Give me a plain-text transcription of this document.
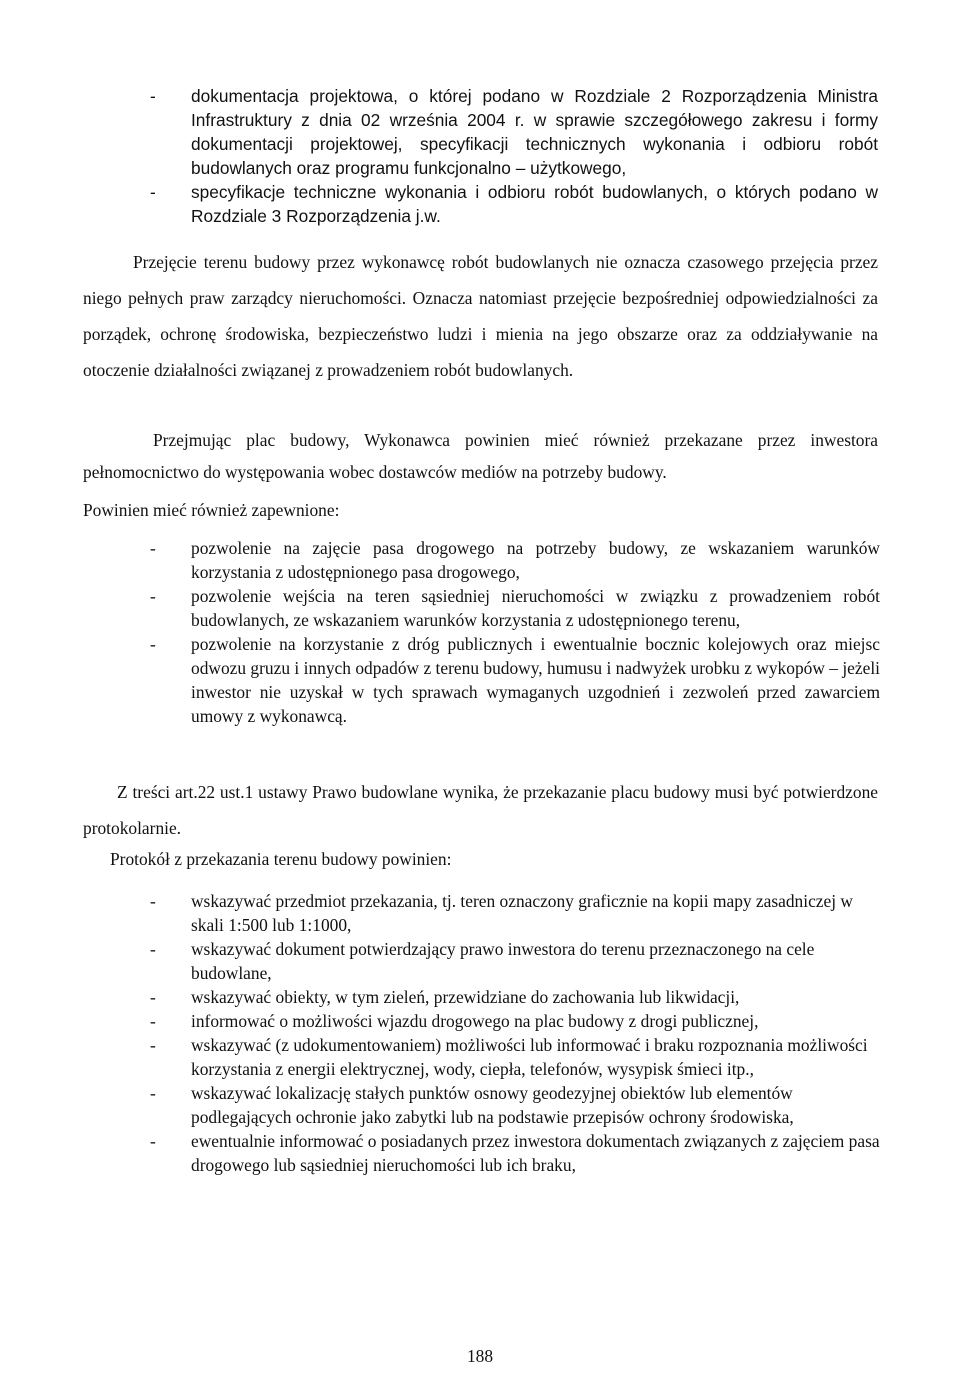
- dokumentacja projektowa, o której podano w Rozdziale 2 Rozporządzenia Ministra Infrastruktury z dnia 02 września 2004 r. w sprawie szczegółowego zakresu i formy dokumentacji projektowej, specyfikacji technicznych wykonania i odbioru robót budowlanych oraz programu funkcjonalno – użytkowego,
- specyfikacje techniczne wykonania i odbioru robót budowlanych, o których podano w Rozdziale 3 Rozporządzenia j.w.

Przejęcie terenu budowy przez wykonawcę robót budowlanych nie oznacza czasowego przejęcia przez niego pełnych praw zarządcy nieruchomości. Oznacza natomiast przejęcie bezpośredniej odpowiedzialności za porządek, ochronę środowiska, bezpieczeństwo ludzi i mienia na jego obszarze oraz za oddziaływanie na otoczenie działalności związanej z prowadzeniem robót budowlanych.

Przejmując plac budowy, Wykonawca powinien mieć również przekazane przez inwestora pełnomocnictwo do występowania wobec dostawców mediów na potrzeby budowy.

Powinien mieć również zapewnione:

- pozwolenie na zajęcie pasa drogowego na potrzeby budowy, ze wskazaniem warunków korzystania z udostępnionego pasa drogowego,
- pozwolenie wejścia na teren sąsiedniej nieruchomości w związku z prowadzeniem robót budowlanych, ze wskazaniem warunków korzystania z udostępnionego terenu,
- pozwolenie na korzystanie z dróg publicznych i ewentualnie bocznic kolejowych oraz miejsc odwozu gruzu i innych odpadów z terenu budowy, humusu i nadwyżek urobku z wykopów – jeżeli inwestor nie uzyskał w tych sprawach wymaganych uzgodnień i zezwoleń przed zawarciem umowy z wykonawcą.

Z treści art.22 ust.1 ustawy Prawo budowlane wynika, że przekazanie placu budowy musi być potwierdzone protokolarnie.

Protokół z przekazania terenu budowy powinien:

- wskazywać przedmiot przekazania, tj. teren oznaczony graficznie na kopii mapy zasadniczej w skali 1:500 lub 1:1000,
- wskazywać dokument potwierdzający prawo inwestora do terenu przeznaczonego na cele budowlane,
- wskazywać obiekty, w tym zieleń, przewidziane do zachowania lub likwidacji,
- informować o możliwości wjazdu drogowego na plac budowy z drogi publicznej,
- wskazywać (z udokumentowaniem) możliwości lub informować i braku rozpoznania możliwości korzystania z energii elektrycznej, wody, ciepła, telefonów, wysypisk śmieci itp.,
- wskazywać lokalizację stałych punktów osnowy geodezyjnej obiektów lub elementów podlegających ochronie jako zabytki lub na podstawie przepisów ochrony środowiska,
- ewentualnie informować o posiadanych przez inwestora dokumentach związanych z zajęciem pasa drogowego lub sąsiedniej nieruchomości lub ich braku,

188
